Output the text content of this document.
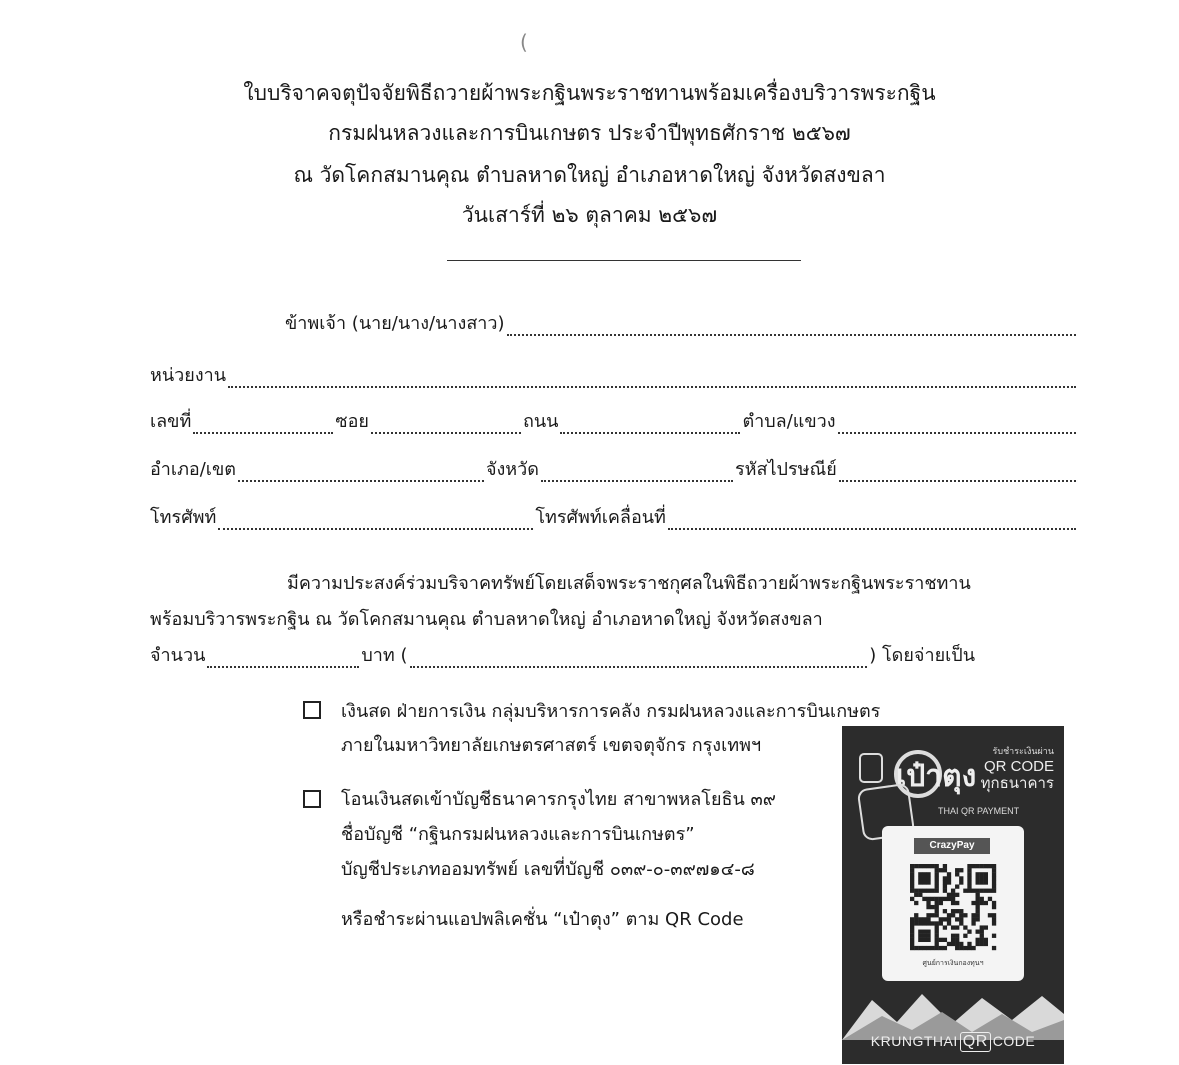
(
ใบบริจาคจตุปัจจัยพิธีถวายผ้าพระกฐินพระราชทานพร้อมเครื่องบริวารพระกฐิน
กรมฝนหลวงและการบินเกษตร ประจำปีพุทธศักราช ๒๕๖๗
ณ วัดโคกสมานคุณ ตำบลหาดใหญ่ อำเภอหาดใหญ่ จังหวัดสงขลา
วันเสาร์ที่ ๒๖ ตุลาคม ๒๕๖๗
ข้าพเจ้า (นาย/นาง/นางสาว)
หน่วยงาน
เลขที่	ซอย	ถนน	ตำบล/แขวง
อำเภอ/เขต	จังหวัด	รหัสไปรษณีย์
โทรศัพท์	โทรศัพท์เคลื่อนที่
มีความประสงค์ร่วมบริจาคทรัพย์โดยเสด็จพระราชกุศลในพิธีถวายผ้าพระกฐินพระราชทาน
พร้อมบริวารพระกฐิน ณ วัดโคกสมานคุณ ตำบลหาดใหญ่ อำเภอหาดใหญ่ จังหวัดสงขลา
จำนวน	บาท (	) โดยจ่ายเป็น
เงินสด ฝ่ายการเงิน กลุ่มบริหารการคลัง กรมฝนหลวงและการบินเกษตร
ภายในมหาวิทยาลัยเกษตรศาสตร์ เขตจตุจักร กรุงเทพฯ
โอนเงินสดเข้าบัญชีธนาคารกรุงไทย สาขาพหลโยธิน ๓๙
ชื่อบัญชี “กฐินกรมฝนหลวงและการบินเกษตร”
บัญชีประเภทออมทรัพย์ เลขที่บัญชี ๐๓๙-๐-๓๙๗๑๔-๘
หรือชำระผ่านแอปพลิเคชั่น “เป๋าตุง” ตาม QR Code
เป๋าตุง
รับชำระเงินผ่าน
QR CODE
ทุกธนาคาร
THAI QR PAYMENT
CrazyPay
ศูนย์การเงินกองทุนฯ
KRUNGTHAI QR CODE
